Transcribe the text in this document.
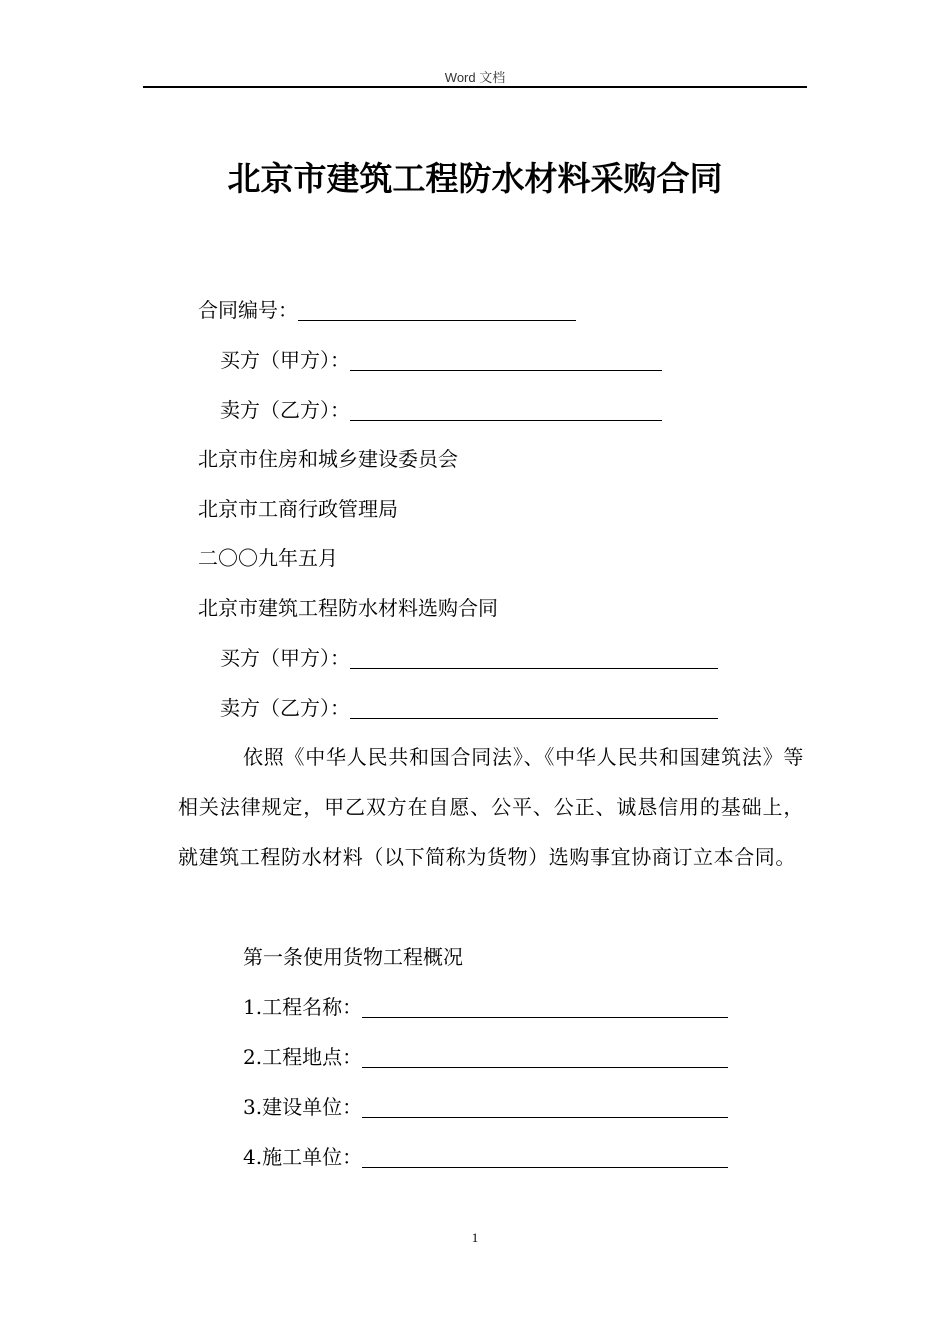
Word 文档
北京市建筑工程防水材料采购合同
合同编号：
买方（甲方）：
卖方（乙方）：
北京市住房和城乡建设委员会
北京市工商行政管理局
二〇〇九年五月
北京市建筑工程防水材料选购合同
买方（甲方）：
卖方（乙方）：
依照《中华人民共和国合同法》、《中华人民共和国建筑法》等相关法律规定，甲乙双方在自愿、公平、公正、诚恳信用的基础上，就建筑工程防水材料（以下简称为货物）选购事宜协商订立本合同。
第一条使用货物工程概况
1.工程名称：
2.工程地点：
3.建设单位：
4.施工单位：
1
